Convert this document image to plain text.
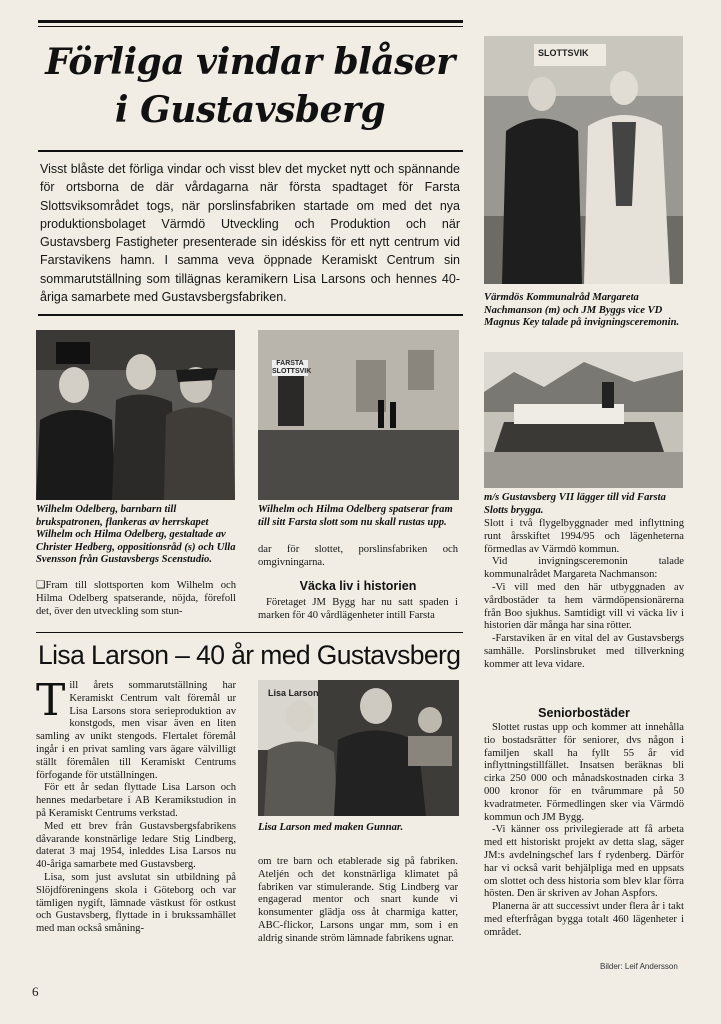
Förliga vindar blåser
i Gustavsberg
Visst blåste det förliga vindar och visst blev det mycket nytt och spännande för ortsborna de där vårdagarna när första spadtaget för Farsta Slottsviksområdet togs, när porslinsfabriken startade om med det nya produktionsbolaget Värmdö Utveckling och Produktion och när Gustavsberg Fastigheter presenterade sin idéskiss för ett nytt centrum vid Farstavikens hamn. I samma veva öppnade Keramiskt Centrum sin sommarutställning som tillägnas keramikern Lisa Larsons och hennes 40-åriga samarbete med Gustavsbergsfabriken.
SLOTTSVIK
Värmdös Kommunalråd Margareta Nachmanson (m) och JM Byggs vice VD Magnus Key talade på invigningsceremonin.
Wilhelm Odelberg, barnbarn till brukspatronen, flankeras av herrskapet Wilhelm och Hilma Odelberg, gestaltade av Christer Hedberg, oppositionsråd (s) och Ulla Svensson från Gustavsbergs Scenstudio.

❑Fram till slottsporten kom Wilhelm och Hilma Odelberg spatserande, nöjda, förefoll det, över den utveckling som stun-

FARSTA SLOTTSVIK
Wilhelm och Hilma Odelberg spatserar fram till sitt Farsta slott som nu skall rustas upp.

dar för slottet, porslinsfabriken och omgivningarna.

Väcka liv i historien

Företaget JM Bygg har nu satt spaden i marken för 40 vårdlägenheter intill Farsta

m/s Gustavsberg VII lägger till vid Farsta Slotts brygga.

Slott i två flygelbyggnader med inflyttning runt årsskiftet 1994/95 och lägenheterna förmedlas av Värmdö kommun.

Vid invigningsceremonin talade kommunalrådet Margareta Nachmanson:

-Vi vill med den här utbyggnaden av vårdbostäder ta hem värmdöpensionärerna från Boo sjukhus. Samtidigt vill vi väcka liv i historien där många har sina rötter.

-Farstaviken är en vital del av Gustavsbergs samhälle. Porslinsbruket med tillverkning kommer att leva vidare.

Seniorbostäder

Slottet rustas upp och kommer att innehålla tio bostadsrätter för seniorer, dvs någon i familjen skall ha fyllt 55 år vid inflyttningstillfället. Insatsen beräknas bli cirka 250 000 och månadskostnaden cirka 3 000 kronor för en tvårummare på 50 kvadratmeter. Förmedlingen sker via Värmdö kommun och JM Bygg.

-Vi känner oss privilegierade att få arbeta med ett historiskt projekt av detta slag, säger JM:s avdelningschef lars f rydenberg. Därför har vi också varit behjälpliga med en uppsats om slottet och dess historia som blev klar förra hösten. Den är skriven av Johan Aspfors.

Planerna är att successivt under flera år i takt med efterfrågan bygga totalt 460 lägenheter i området.

Bilder: Leif Andersson
Lisa Larson – 40 år med Gustavsberg
T ill årets sommarutställning har Keramiskt Centrum valt föremål ur Lisa Larsons stora serieproduktion av konstgods, men visar även en liten samling av unikt stengods. Flertalet föremål ingår i en privat samling vars ägare välvilligt ställt föremålen till Keramiskt Centrums förfogande för utställningen.

För ett år sedan flyttade Lisa Larson och hennes medarbetare i AB Keramikstudion in på Keramiskt Centrums verkstad.

Med ett brev från Gustavsbergsfabrikens dåvarande konstnärlige ledare Stig Lindberg, daterat 3 maj 1954, inleddes Lisa Larsos nu 40-åriga samarbete med Gustavsberg.

Lisa, som just avslutat sin utbildning på Slöjdföreningens skola i Göteborg och var tämligen nygift, lämnade västkust för ostkust och Gustavsberg, flyttade in i brukssamhället med man också småning-

Lisa Larson
Lisa Larson med maken Gunnar.

om tre barn och etablerade sig på fabriken. Ateljén och det konstnärliga klimatet på fabriken var stimulerande. Stig Lindberg var engagerad mentor och snart kunde vi konsumenter glädja oss åt charmiga katter, ABC-flickor, Larsons ungar mm, som i en aldrig sinande ström lämnade fabrikens ugnar.

6
